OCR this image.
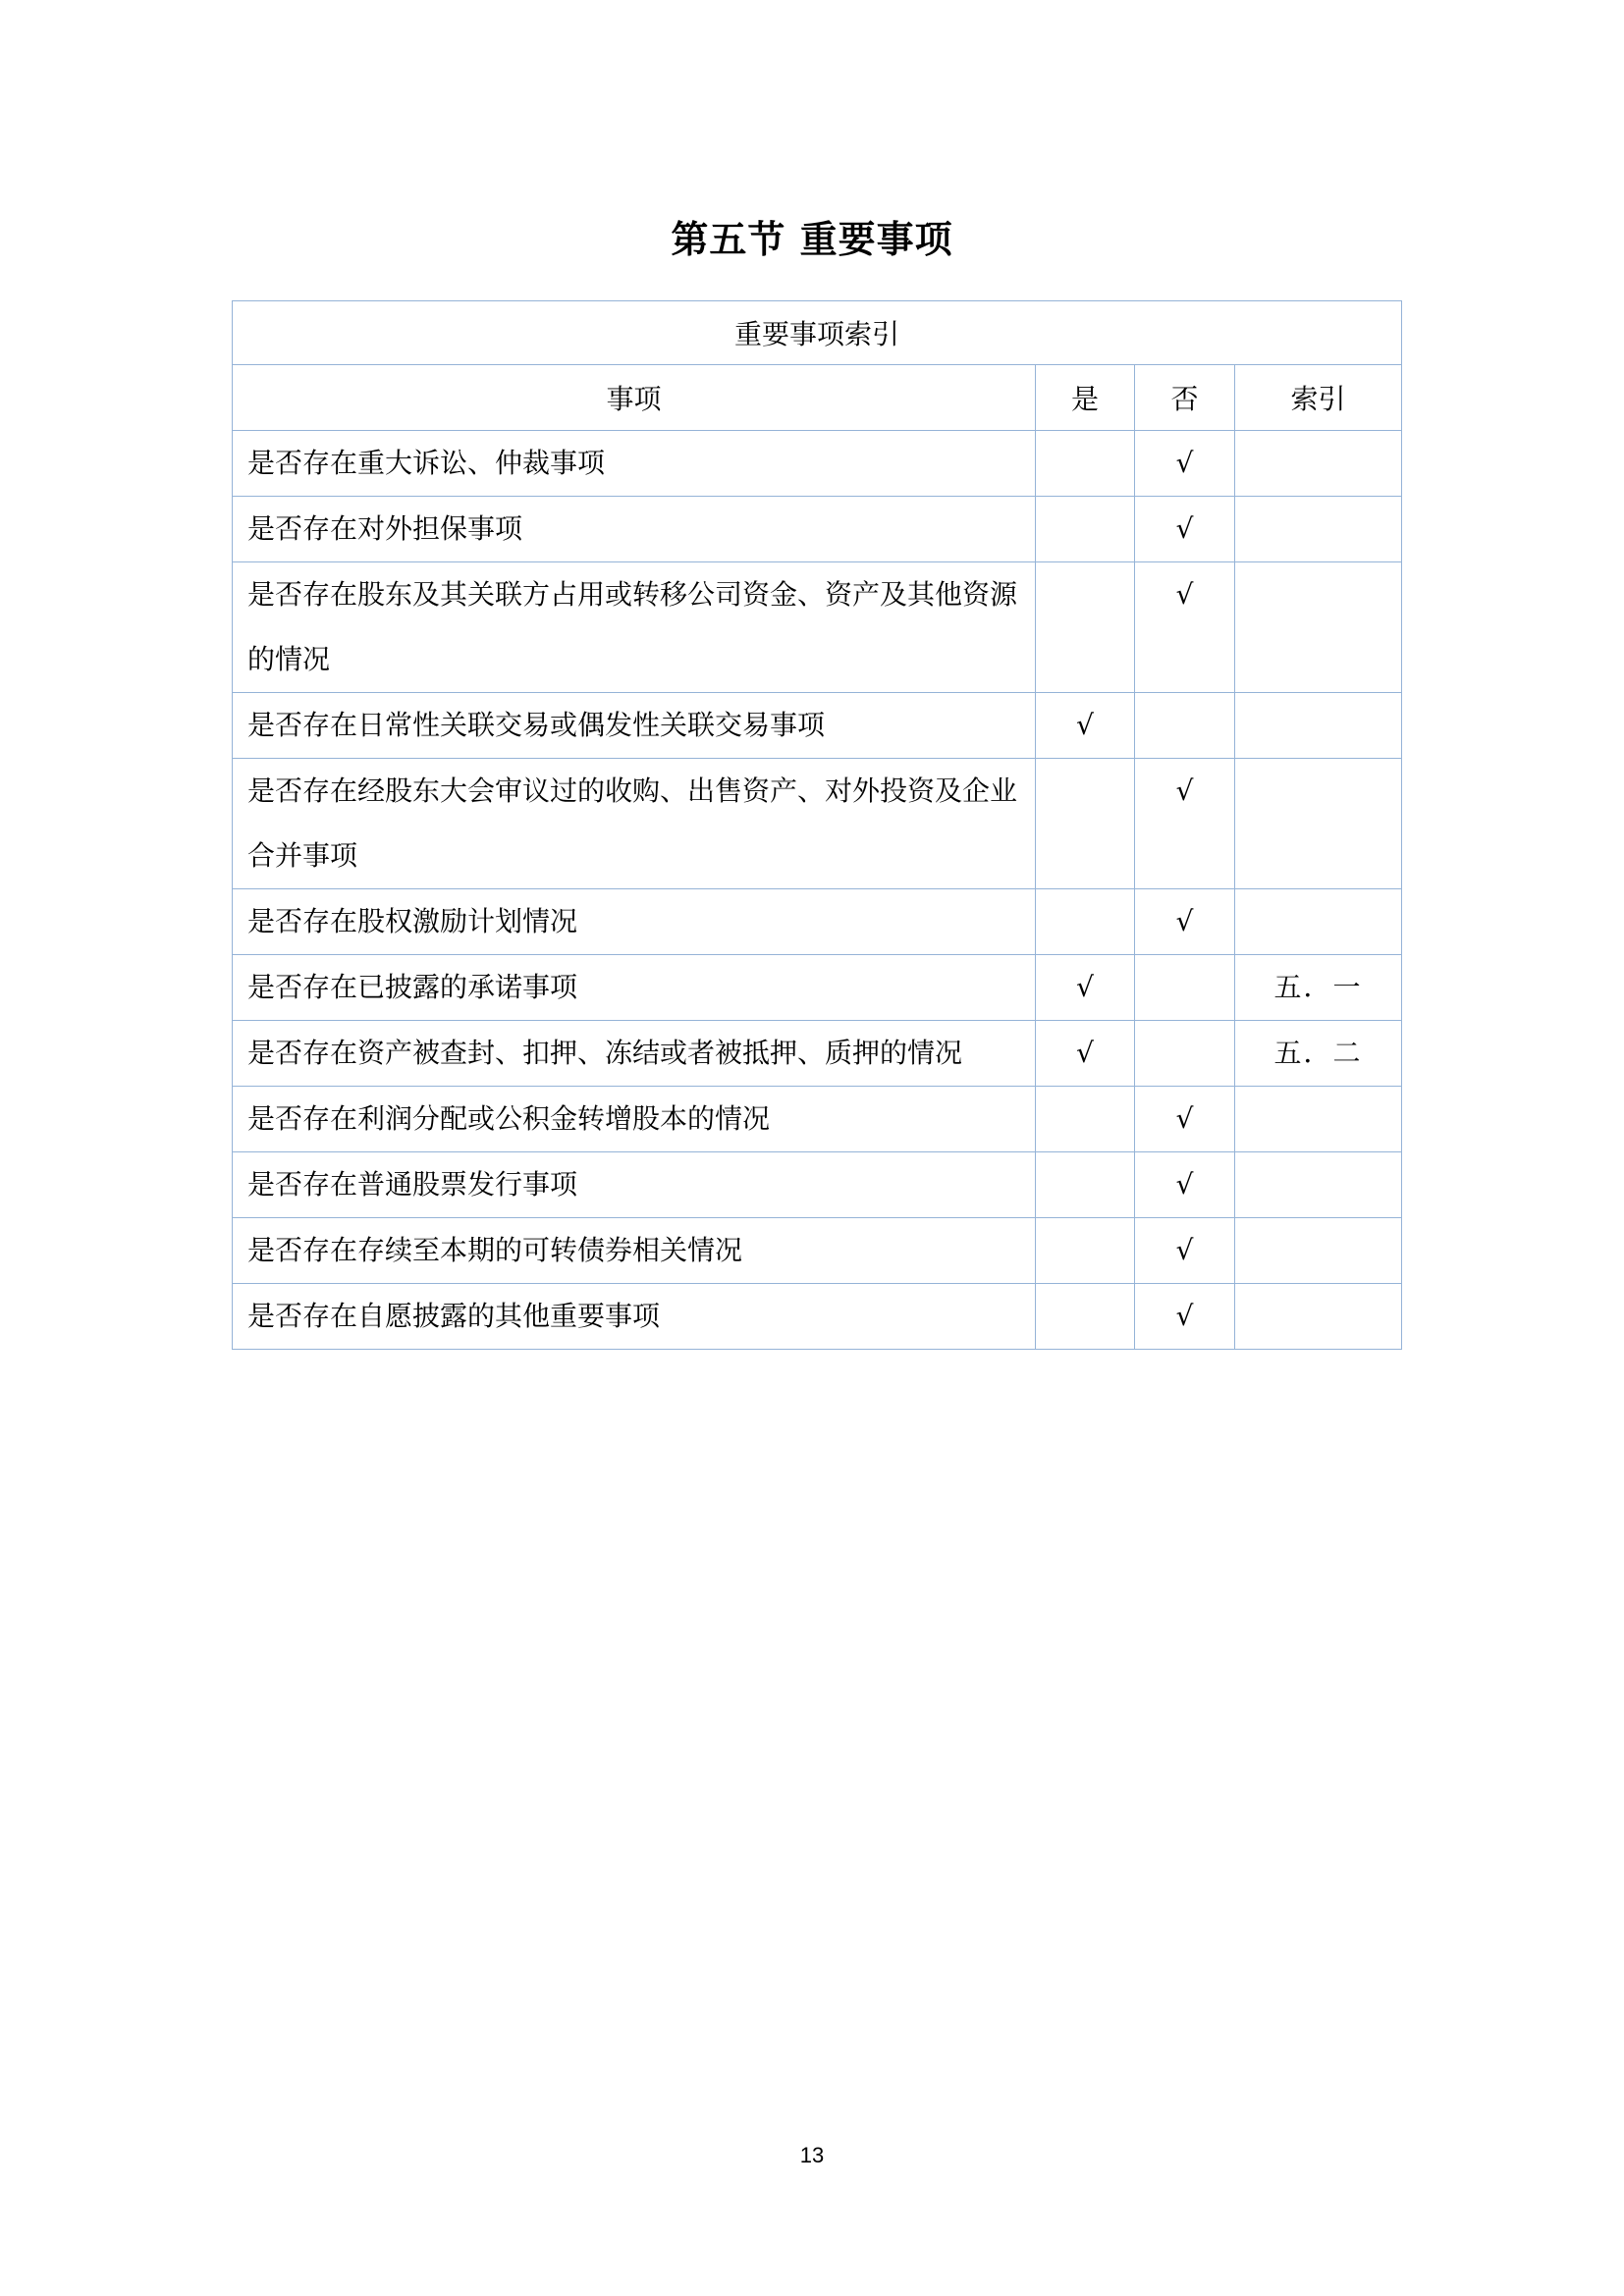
第五节 重要事项
重要事项索引			
事项	是	否	索引
是否存在重大诉讼、仲裁事项		√	
是否存在对外担保事项		√	
是否存在股东及其关联方占用或转移公司资金、资产及其他资源的情况		√	
是否存在日常性关联交易或偶发性关联交易事项	√		
是否存在经股东大会审议过的收购、出售资产、对外投资及企业合并事项		√	
是否存在股权激励计划情况		√	
是否存在已披露的承诺事项	√		五．一
是否存在资产被查封、扣押、冻结或者被抵押、质押的情况	√		五．二
是否存在利润分配或公积金转增股本的情况		√	
是否存在普通股票发行事项		√	
是否存在存续至本期的可转债券相关情况		√	
是否存在自愿披露的其他重要事项		√	
13
